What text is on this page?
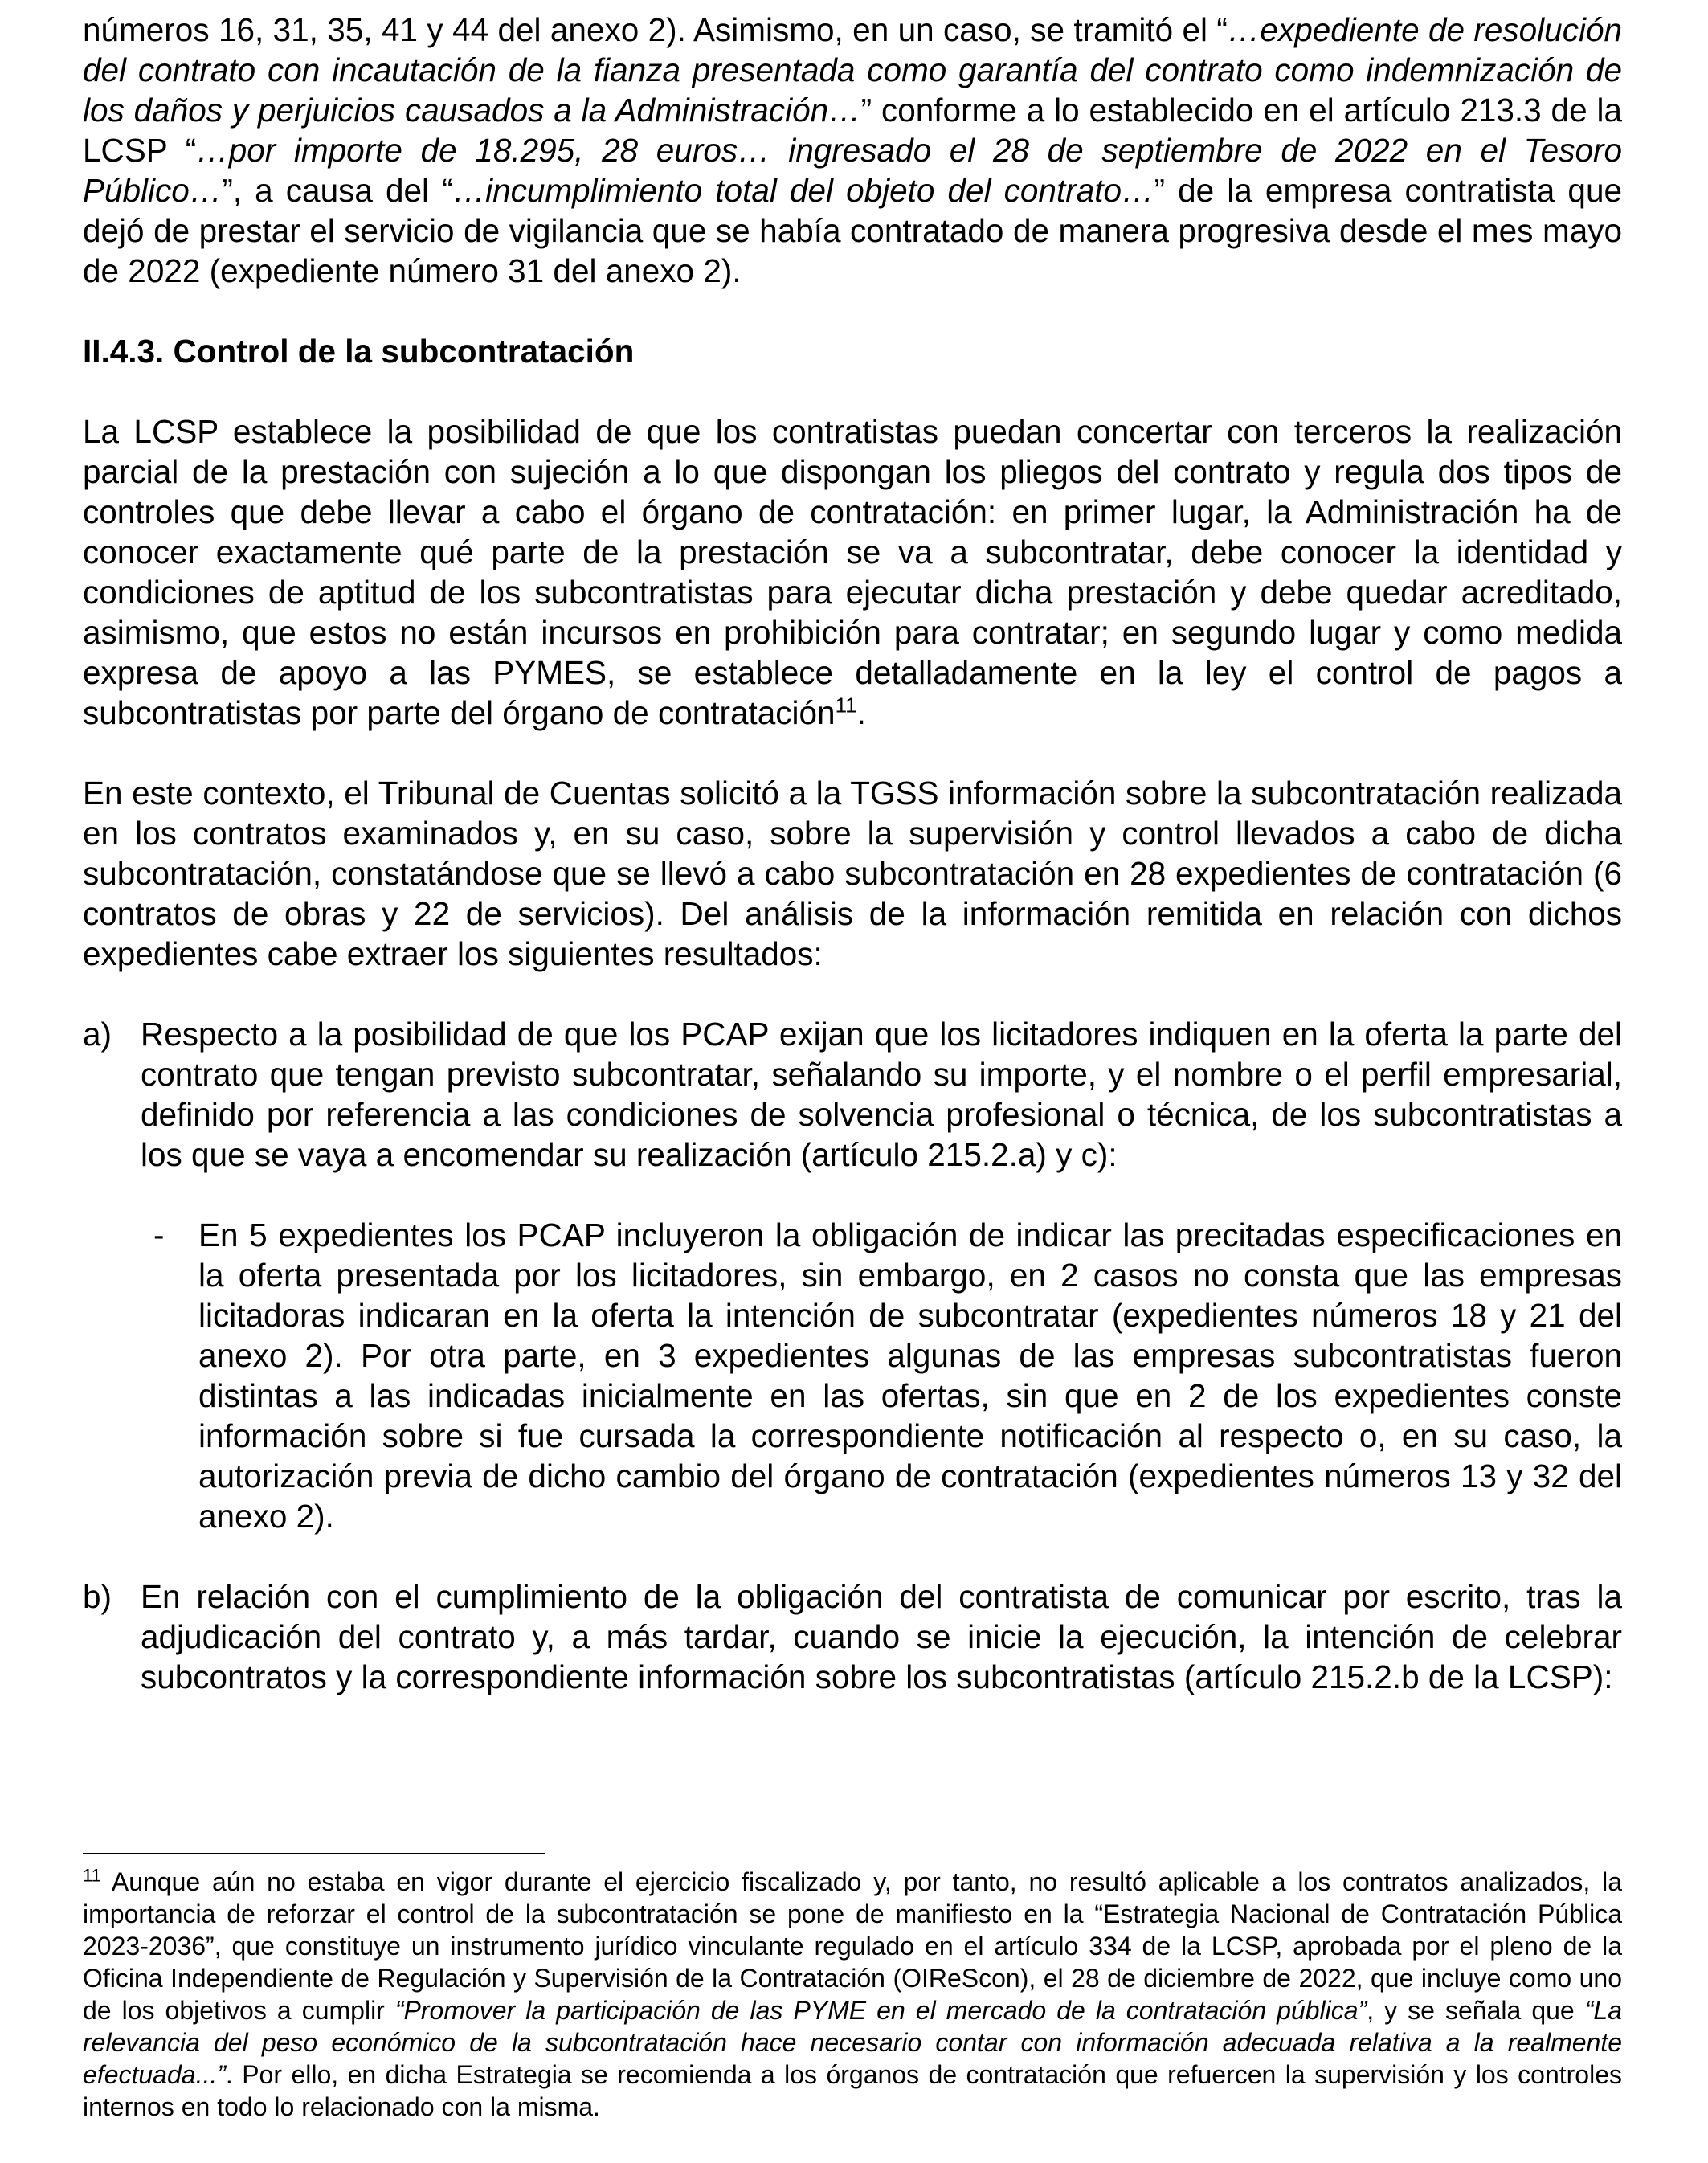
números 16, 31, 35, 41 y 44 del anexo 2). Asimismo, en un caso, se tramitó el “…expediente de resolución del contrato con incautación de la fianza presentada como garantía del contrato como indemnización de los daños y perjuicios causados a la Administración…” conforme a lo establecido en el artículo 213.3 de la LCSP “…por importe de 18.295, 28 euros… ingresado el 28 de septiembre de 2022 en el Tesoro Público…”, a causa del “…incumplimiento total del objeto del contrato…” de la empresa contratista que dejó de prestar el servicio de vigilancia que se había contratado de manera progresiva desde el mes mayo de 2022 (expediente número 31 del anexo 2).

II.4.3. Control de la subcontratación

La LCSP establece la posibilidad de que los contratistas puedan concertar con terceros la realización parcial de la prestación con sujeción a lo que dispongan los pliegos del contrato y regula dos tipos de controles que debe llevar a cabo el órgano de contratación: en primer lugar, la Administración ha de conocer exactamente qué parte de la prestación se va a subcontratar, debe conocer la identidad y condiciones de aptitud de los subcontratistas para ejecutar dicha prestación y debe quedar acreditado, asimismo, que estos no están incursos en prohibición para contratar; en segundo lugar y como medida expresa de apoyo a las PYMES, se establece detalladamente en la ley el control de pagos a subcontratistas por parte del órgano de contratación$^{11}$.

En este contexto, el Tribunal de Cuentas solicitó a la TGSS información sobre la subcontratación realizada en los contratos examinados y, en su caso, sobre la supervisión y control llevados a cabo de dicha subcontratación, constatándose que se llevó a cabo subcontratación en 28 expedientes de contratación (6 contratos de obras y 22 de servicios). Del análisis de la información remitida en relación con dichos expedientes cabe extraer los siguientes resultados:

a) Respecto a la posibilidad de que los PCAP exijan que los licitadores indiquen en la oferta la parte del contrato que tengan previsto subcontratar, señalando su importe, y el nombre o el perfil empresarial, definido por referencia a las condiciones de solvencia profesional o técnica, de los subcontratistas a los que se vaya a encomendar su realización (artículo 215.2.a) y c):
- En 5 expedientes los PCAP incluyeron la obligación de indicar las precitadas especificaciones en la oferta presentada por los licitadores, sin embargo, en 2 casos no consta que las empresas licitadoras indicaran en la oferta la intención de subcontratar (expedientes números 18 y 21 del anexo 2). Por otra parte, en 3 expedientes algunas de las empresas subcontratistas fueron distintas a las indicadas inicialmente en las ofertas, sin que en 2 de los expedientes conste información sobre si fue cursada la correspondiente notificación al respecto o, en su caso, la autorización previa de dicho cambio del órgano de contratación (expedientes números 13 y 32 del anexo 2).
b) En relación con el cumplimiento de la obligación del contratista de comunicar por escrito, tras la adjudicación del contrato y, a más tardar, cuando se inicie la ejecución, la intención de celebrar subcontratos y la correspondiente información sobre los subcontratistas (artículo 215.2.b de la LCSP):

$^{11}$ Aunque aún no estaba en vigor durante el ejercicio fiscalizado y, por tanto, no resultó aplicable a los contratos analizados, la importancia de reforzar el control de la subcontratación se pone de manifiesto en la “Estrategia Nacional de Contratación Pública 2023-2036”, que constituye un instrumento jurídico vinculante regulado en el artículo 334 de la LCSP, aprobada por el pleno de la Oficina Independiente de Regulación y Supervisión de la Contratación (OIReScon), el 28 de diciembre de 2022, que incluye como uno de los objetivos a cumplir “Promover la participación de las PYME en el mercado de la contratación pública”, y se señala que “La relevancia del peso económico de la subcontratación hace necesario contar con información adecuada relativa a la realmente efectuada...”. Por ello, en dicha Estrategia se recomienda a los órganos de contratación que refuercen la supervisión y los controles internos en todo lo relacionado con la misma.
